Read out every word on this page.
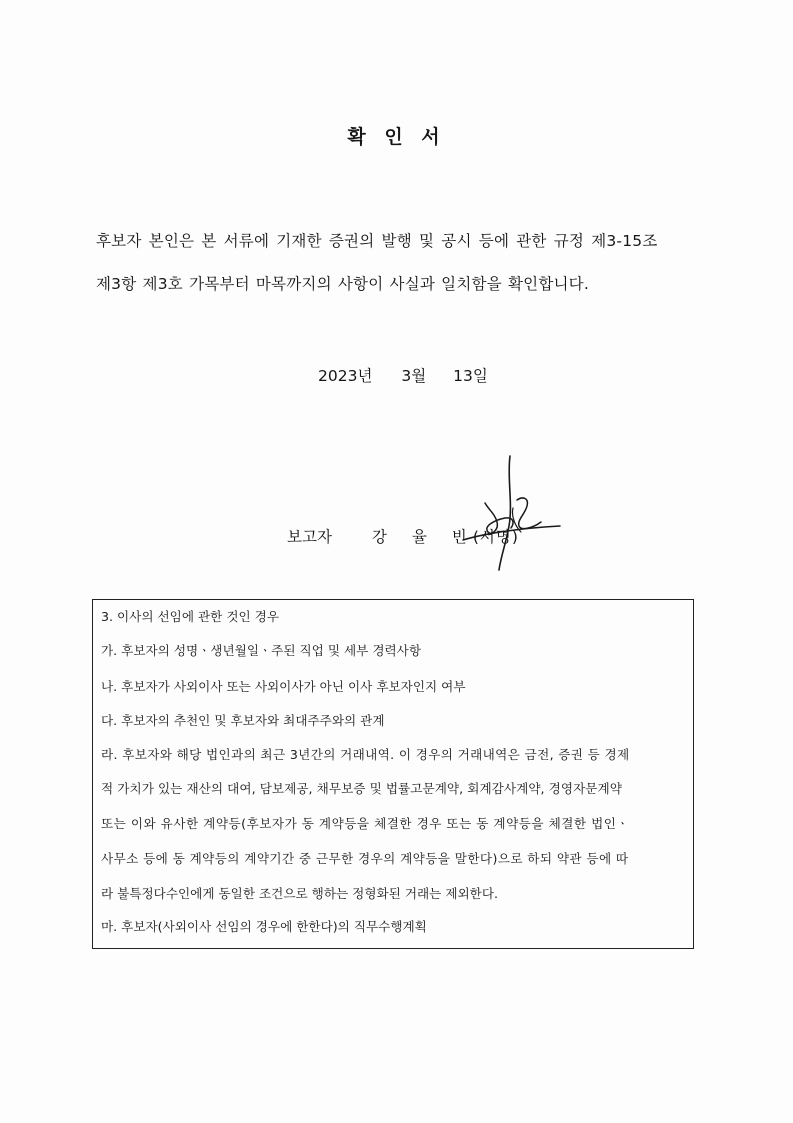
확 인 서
후보자 본인은 본 서류에 기재한 증권의 발행 및 공시 등에 관한 규정 제3-15조
제3항 제3호 가목부터 마목까지의 사항이 사실과 일치함을 확인합니다.
2023년 3월 13일
보고자	강 율 빈 (서명)
3. 이사의 선임에 관한 것인 경우
가. 후보자의 성명ㆍ생년월일ㆍ주된 직업 및 세부 경력사항
나. 후보자가 사외이사 또는 사외이사가 아닌 이사 후보자인지 여부
다. 후보자의 추천인 및 후보자와 최대주주와의 관계
라. 후보자와 해당 법인과의 최근 3년간의 거래내역. 이 경우의 거래내역은 금전, 증권 등 경제
적 가치가 있는 재산의 대여, 담보제공, 채무보증 및 법률고문계약, 회계감사계약, 경영자문계약
또는 이와 유사한 계약등(후보자가 동 계약등을 체결한 경우 또는 동 계약등을 체결한 법인ㆍ
사무소 등에 동 계약등의 계약기간 중 근무한 경우의 계약등을 말한다)으로 하되 약관 등에 따
라 불특정다수인에게 동일한 조건으로 행하는 정형화된 거래는 제외한다.
마. 후보자(사외이사 선임의 경우에 한한다)의 직무수행계획
